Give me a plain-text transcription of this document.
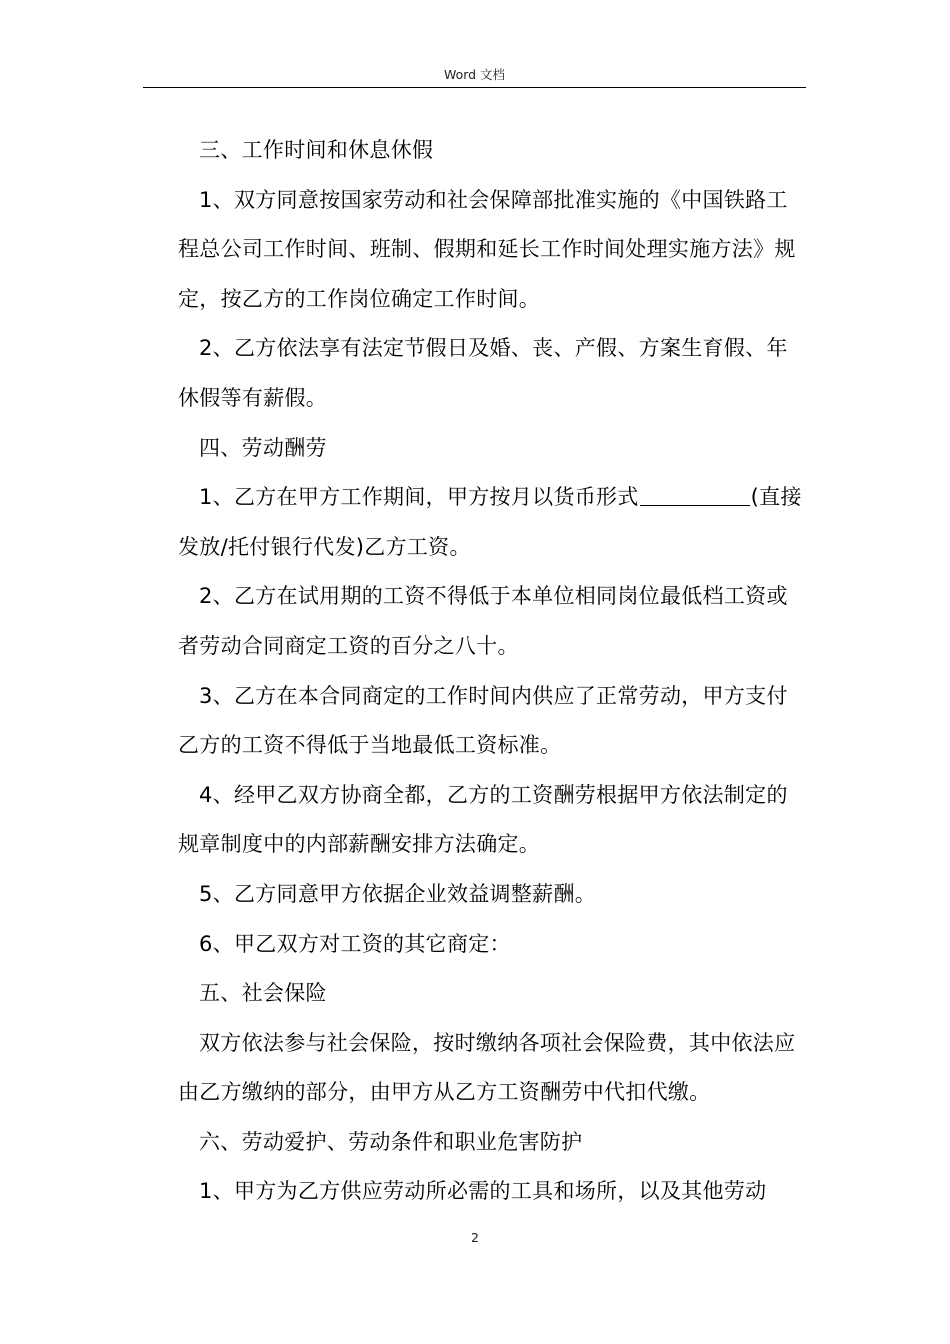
Word 文档

三、工作时间和休息休假

1、双方同意按国家劳动和社会保障部批准实施的《中国铁路工程总公司工作时间、班制、假期和延长工作时间处理实施方法》规定，按乙方的工作岗位确定工作时间。

2、乙方依法享有法定节假日及婚、丧、产假、方案生育假、年休假等有薪假。

四、劳动酬劳

1、乙方在甲方工作期间，甲方按月以货币形式	(直接发放/托付银行代发)乙方工资。

2、乙方在试用期的工资不得低于本单位相同岗位最低档工资或者劳动合同商定工资的百分之八十。

3、乙方在本合同商定的工作时间内供应了正常劳动，甲方支付乙方的工资不得低于当地最低工资标准。

4、经甲乙双方协商全都，乙方的工资酬劳根据甲方依法制定的规章制度中的内部薪酬安排方法确定。

5、乙方同意甲方依据企业效益调整薪酬。

6、甲乙双方对工资的其它商定：

五、社会保险

双方依法参与社会保险，按时缴纳各项社会保险费，其中依法应由乙方缴纳的部分，由甲方从乙方工资酬劳中代扣代缴。

六、劳动爱护、劳动条件和职业危害防护

1、甲方为乙方供应劳动所必需的工具和场所，以及其他劳动

2
